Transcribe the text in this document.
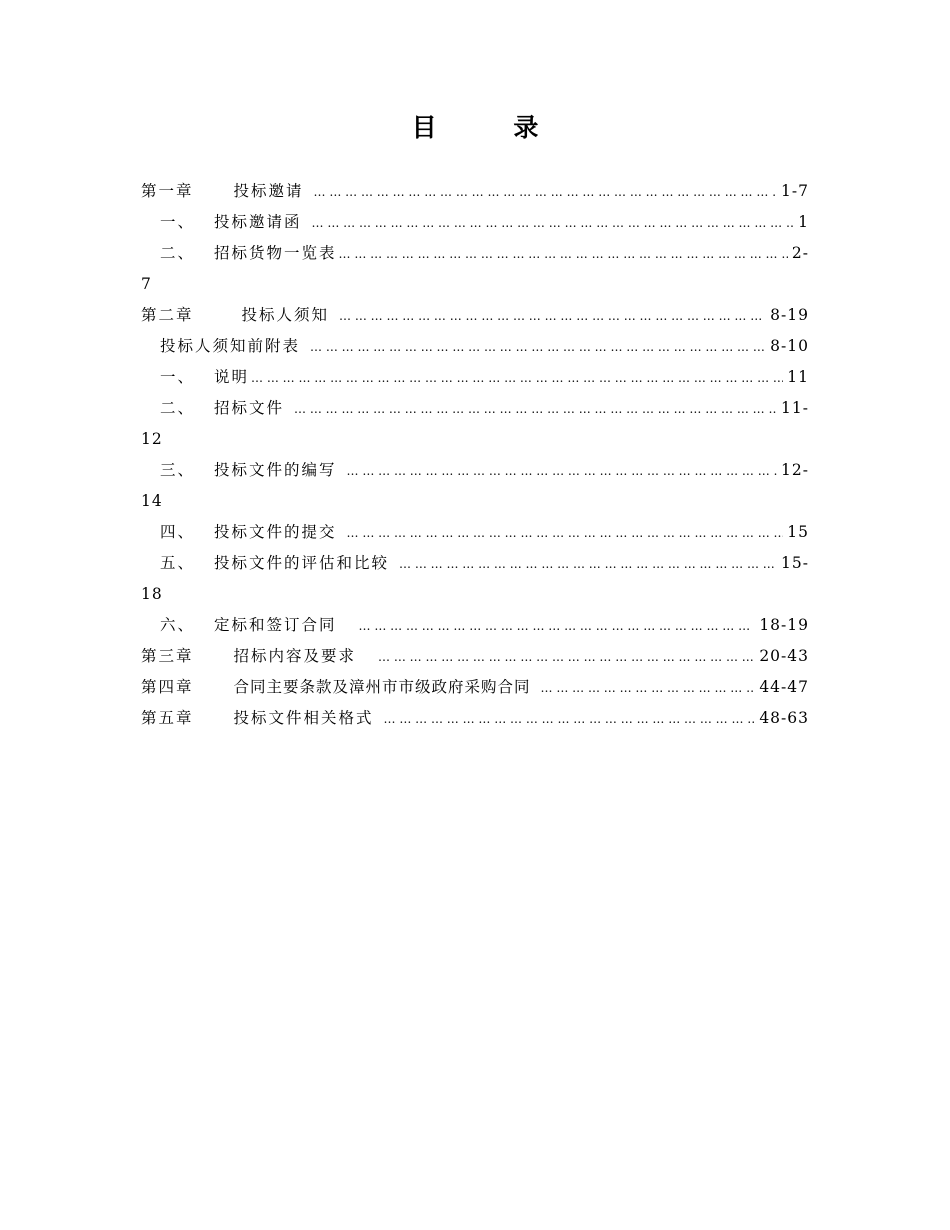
目 录
第一章	投标邀请 … … … … … … … … … … … … … … … … … … … … … … … … … … … … … … … … … … … … … … … … … … … … … … … … … … … … … … … …	1-7
一、 投标邀请函 … … … … … … … … … … … … … … … … … … … … … … … … … … … … … … … … … … … … … … … … … … … … … … … … … … … … … … … …	1
二、 招标货物一览表 … … … … … … … … … … … … … … … … … … … … … … … … … … … … … … … … … … … … … … … … … … … … … … … … … … … … … … … …	2-
7
第二章	投标人须知 … … … … … … … … … … … … … … … … … … … … … … … … … … … … … … … … … … … … … … … … … … … … … … … … … … … … … … … …	8-19
投标人须知前附表 … … … … … … … … … … … … … … … … … … … … … … … … … … … … … … … … … … … … … … … … … … … … … … … … … … … … … … … …	8-10
一、 说明 … … … … … … … … … … … … … … … … … … … … … … … … … … … … … … … … … … … … … … … … … … … … … … … … … … … … … … … …	11
二、 招标文件 … … … … … … … … … … … … … … … … … … … … … … … … … … … … … … … … … … … … … … … … … … … … … … … … … … … … … … … …	11-
12
三、 投标文件的编写 … … … … … … … … … … … … … … … … … … … … … … … … … … … … … … … … … … … … … … … … … … … … … … … … … … … … … … … …	12-
14
四、 投标文件的提交 … … … … … … … … … … … … … … … … … … … … … … … … … … … … … … … … … … … … … … … … … … … … … … … … … … … … … … … …	15
五、 投标文件的评估和比较 … … … … … … … … … … … … … … … … … … … … … … … … … … … … … … … … … … … … … … … … … … … … … … … … … … … … … … … …	15-
18
六、 定标和签订合同 … … … … … … … … … … … … … … … … … … … … … … … … … … … … … … … … … … … … … … … … … … … … … … … … … … … … … … … …	18-19
第三章	招标内容及要求 … … … … … … … … … … … … … … … … … … … … … … … … … … … … … … … … … … … … … … … … … … … … … … … … … … … … … … … …	20-43
第四章	合同主要条款及漳州市市级政府采购合同 … … … … … … … … … … … … … … … … … … … … … … … … … … … … … … … … … … … … … … … … … … … … … … … … … … … … … … … …	44-47
第五章	投标文件相关格式 … … … … … … … … … … … … … … … … … … … … … … … … … … … … … … … … … … … … … … … … … … … … … … … … … … … … … … … …	48-63
